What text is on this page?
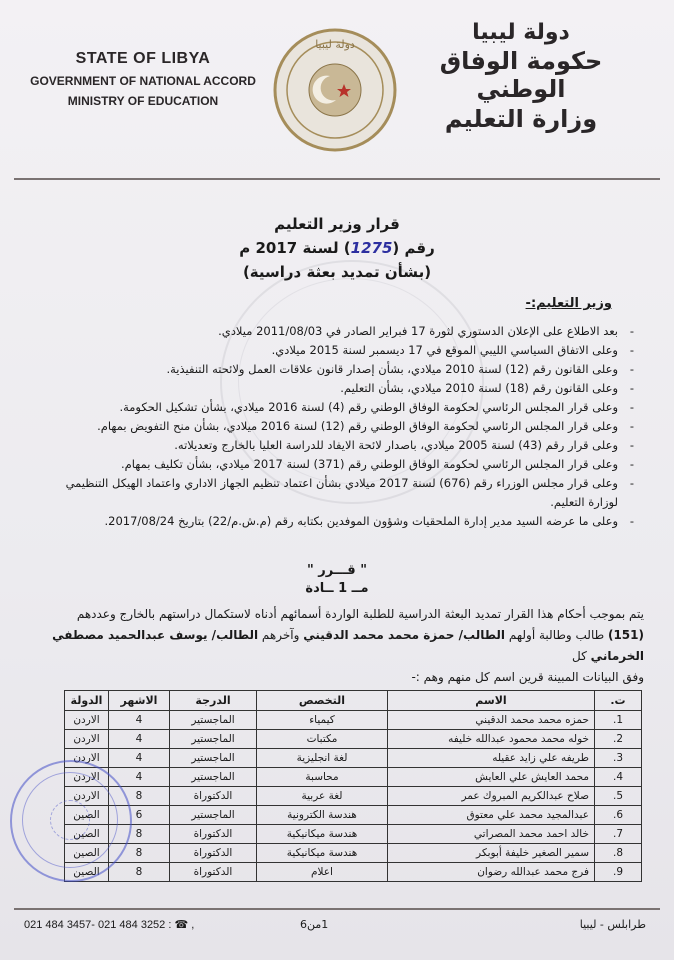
STATE OF LIBYA
GOVERNMENT OF NATIONAL ACCORD
MINISTRY OF EDUCATION
دولة ليبيا	دولة ليبيا
حكومة الوفاق الوطني
وزارة التعليم
قرار وزير التعليم
رقم (1275) لسنة 2017 م
(بشأن تمديد بعثة دراسية)
وزير التعليم:-
- بعد الاطلاع على الإعلان الدستوري لثورة 17 فبراير الصادر في 2011/08/03 ميلادي.
- وعلى الاتفاق السياسي الليبي الموقع في 17 ديسمبر لسنة 2015 ميلادي.
- وعلى القانون رقم (12) لسنة 2010 ميلادي، بشأن إصدار قانون علاقات العمل ولائحته التنفيذية.
- وعلى القانون رقم (18) لسنة 2010 ميلادي، بشأن التعليم.
- وعلى قرار المجلس الرئاسي لحكومة الوفاق الوطني رقم (4) لسنة 2016 ميلادي، بشأن تشكيل الحكومة.
- وعلى قرار المجلس الرئاسي لحكومة الوفاق الوطني رقم (12) لسنة 2016 ميلادي، بشأن منح التفويض بمهام.
- وعلى قرار رقم (43) لسنة 2005 ميلادي، باصدار لائحة الايفاد للدراسة العليا بالخارج وتعديلاته.
- وعلى قرار المجلس الرئاسي لحكومة الوفاق الوطني رقم (371) لسنة 2017 ميلادي، بشأن تكليف بمهام.
- وعلى قرار مجلس الوزراء رقم (676) لسنة 2017 ميلادي بشأن اعتماد تنظيم الجهاز الاداري واعتماد الهيكل التنظيمي لوزارة التعليم.
- وعلى ما عرضه السيد مدير إدارة الملحقيات وشؤون الموفدين بكتابه رقم (م.ش.م/22) بتاريخ 2017/08/24.
" قـــرر "
مــ 1 ــادة
يتم بموجب أحكام هذا القرار تمديد البعثة الدراسية للطلبة الواردة أسمائهم أدناه لاستكمال دراستهم بالخارج وعددهم
(151) طالب وطالبة أولهم الطالب/ حمزة محمد محمد الدقيني وآخرهم الطالب/ يوسف عبدالحميد مصطفي الخرماني كل
وفق البيانات المبينة قرين اسم كل منهم وهم :-
ت.	الاسم	التخصص	الدرجة	الاشهر	الدولة
1.	حمزه محمد محمد الدقيني	كيمياء	الماجستير	4	الاردن
2.	خوله محمد محمود عبدالله خليفه	مكتبات	الماجستير	4	الاردن
3.	طريفه علي زايد عقيله	لغة انجليزية	الماجستير	4	الاردن
4.	محمد العايش علي العايش	محاسبة	الماجستير	4	الاردن
5.	صلاح عبدالكريم المبروك عمر	لغة عربية	الدكتوراة	8	الاردن
6.	عبدالمجيد محمد علي معتوق	هندسة الكترونية	الماجستير	6	الصين
7.	خالد احمد محمد المصراتي	هندسة ميكانيكية	الدكتوراة	8	الصين
8.	سمير الصغير خليفة أبوبكر	هندسة ميكانيكية	الدكتوراة	8	الصين
9.	فرج محمد عبدالله رضوان	اعلام	الدكتوراة	8	الصين
021 484 3457- 021 484 3252 : ☎ ,	1من6	طرابلس - ليبيا
